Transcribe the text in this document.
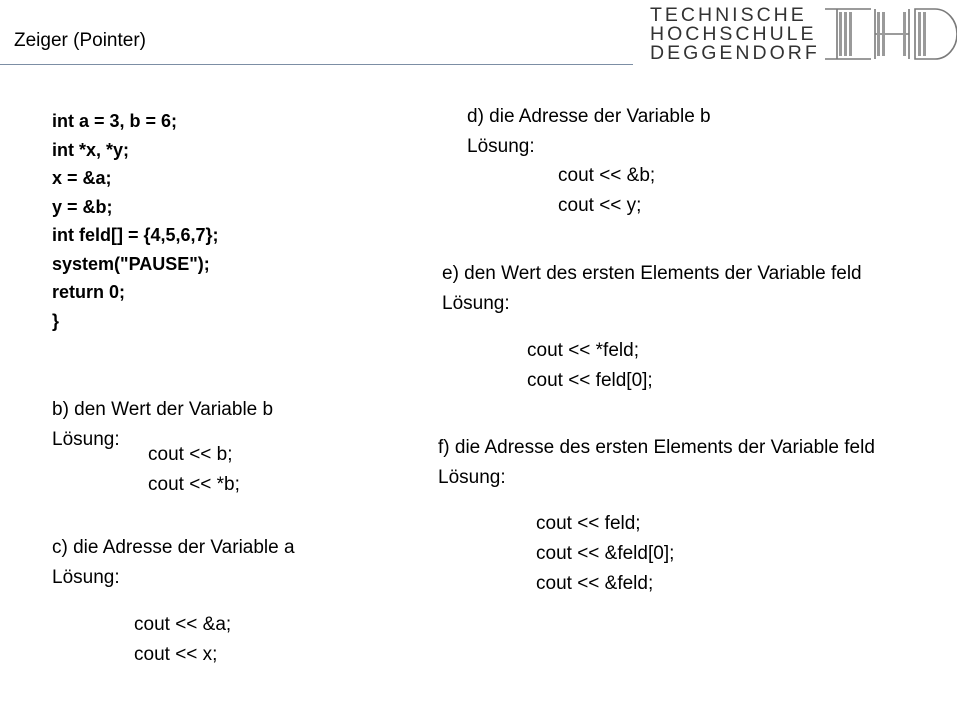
Zeiger (Pointer)
TECHNISCHE
HOCHSCHULE
DEGGENDORF
int a = 3, b = 6;
int *x, *y;
x = &a;
y = &b;
int feld[] = {4,5,6,7};
system("PAUSE");
return 0;
}
b) den Wert der Variable b
Lösung:
cout << b;
cout << *b;
c) die Adresse der Variable a
Lösung:
cout << &a;
cout << x;
d) die Adresse der Variable b
Lösung:
cout << &b;
cout << y;
e) den Wert des ersten Elements der Variable feld
Lösung:
cout << *feld;
cout << feld[0];
f) die Adresse des ersten Elements der Variable feld
Lösung:
cout << feld;
cout << &feld[0];
cout << &feld;
